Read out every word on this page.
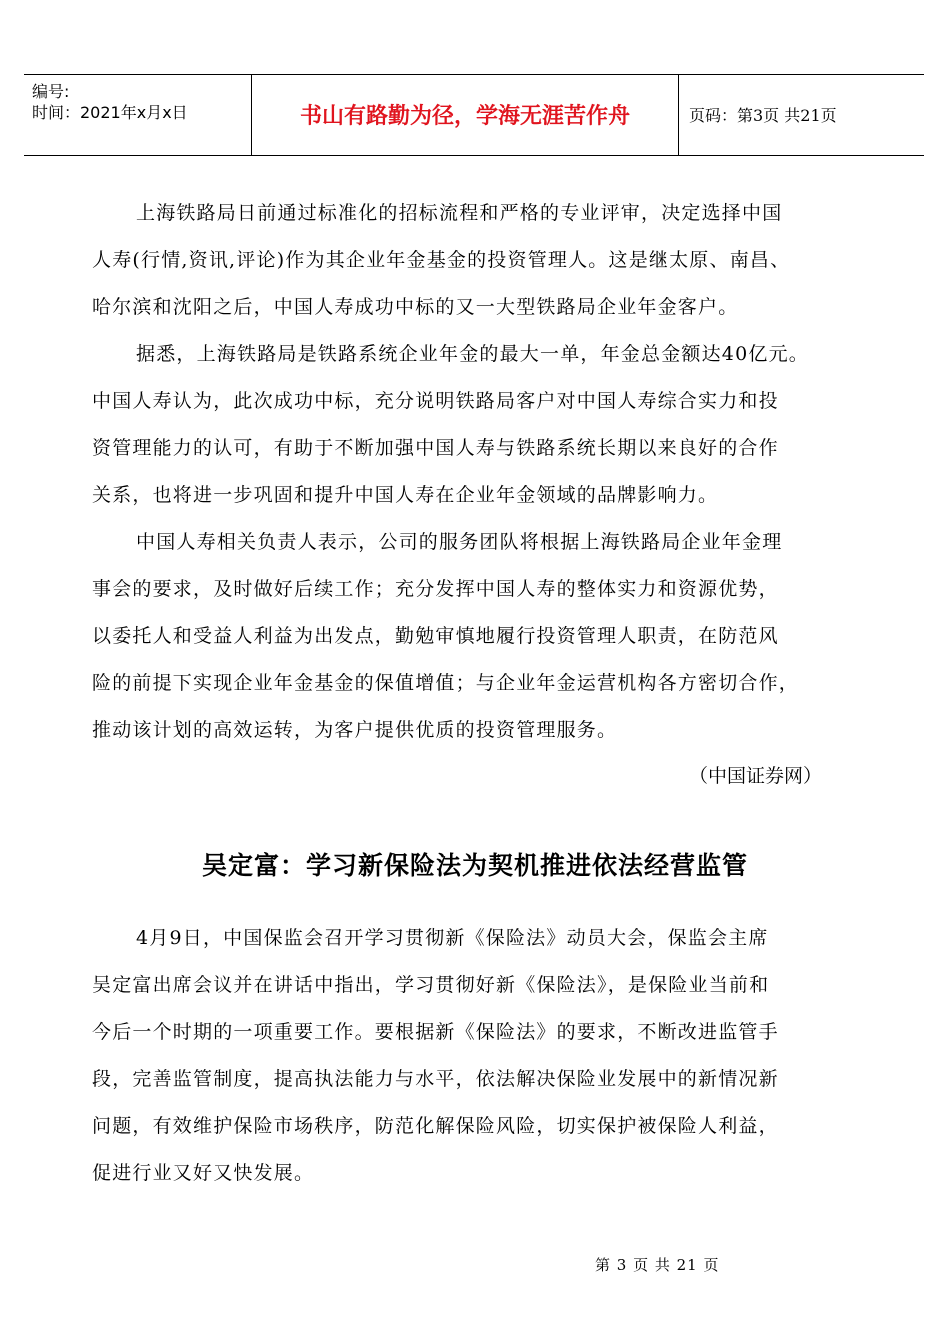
编号:
时间：2021年x月x日	书山有路勤为径，学海无涯苦作舟	页码：第3页 共21页
上海铁路局日前通过标准化的招标流程和严格的专业评审，决定选择中国
人寿(行情,资讯,评论)作为其企业年金基金的投资管理人。这是继太原、南昌、
哈尔滨和沈阳之后，中国人寿成功中标的又一大型铁路局企业年金客户。
据悉，上海铁路局是铁路系统企业年金的最大一单，年金总金额达40亿元。
中国人寿认为，此次成功中标，充分说明铁路局客户对中国人寿综合实力和投
资管理能力的认可，有助于不断加强中国人寿与铁路系统长期以来良好的合作
关系，也将进一步巩固和提升中国人寿在企业年金领域的品牌影响力。
中国人寿相关负责人表示，公司的服务团队将根据上海铁路局企业年金理
事会的要求，及时做好后续工作；充分发挥中国人寿的整体实力和资源优势，
以委托人和受益人利益为出发点，勤勉审慎地履行投资管理人职责，在防范风
险的前提下实现企业年金基金的保值增值；与企业年金运营机构各方密切合作，
推动该计划的高效运转，为客户提供优质的投资管理服务。
（中国证券网）
吴定富：学习新保险法为契机推进依法经营监管
4月9日，中国保监会召开学习贯彻新《保险法》动员大会，保监会主席
吴定富出席会议并在讲话中指出，学习贯彻好新《保险法》，是保险业当前和
今后一个时期的一项重要工作。要根据新《保险法》的要求，不断改进监管手
段，完善监管制度，提高执法能力与水平，依法解决保险业发展中的新情况新
问题，有效维护保险市场秩序，防范化解保险风险，切实保护被保险人利益，
促进行业又好又快发展。
第 3 页 共 21 页
